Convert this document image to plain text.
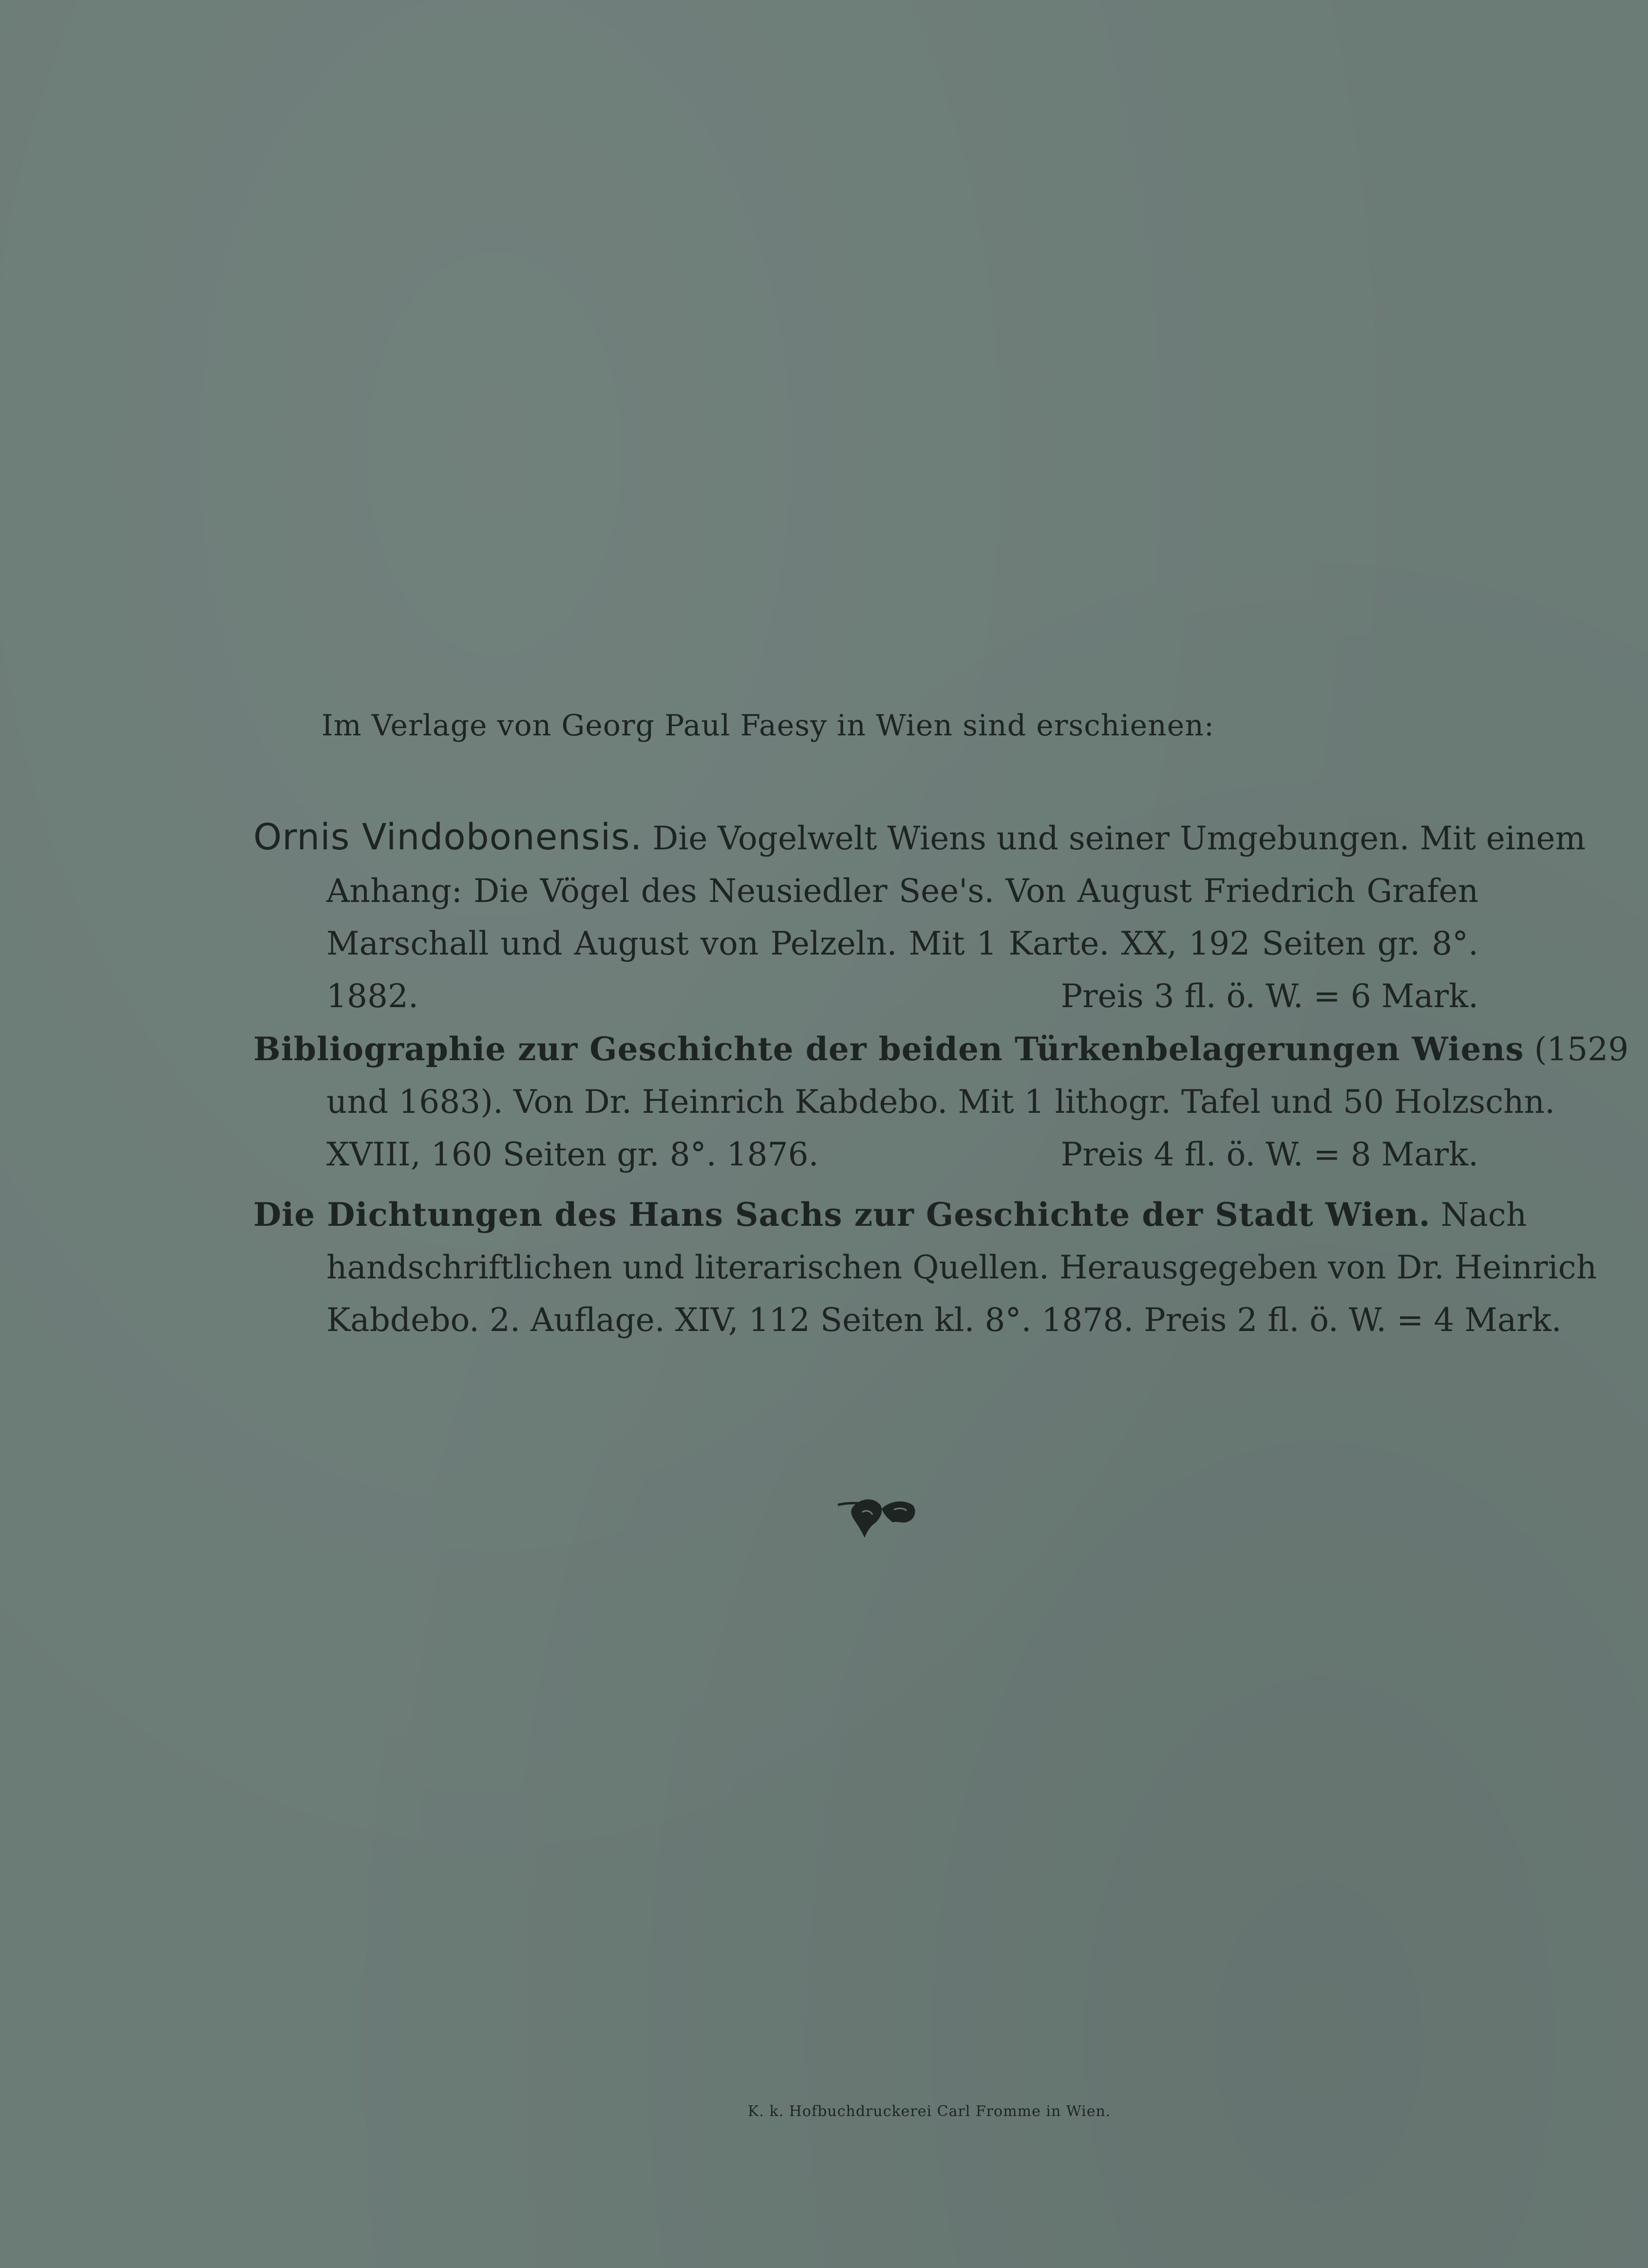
Im Verlage von Georg Paul Faesy in Wien sind erschienen:
Ornis Vindobonensis. Die Vogelwelt Wiens und seiner Umgebungen. Mit einem
Anhang: Die Vögel des Neusiedler See's. Von August Friedrich Grafen
Marschall und August von Pelzeln. Mit 1 Karte. XX, 192 Seiten gr. 8°.
1882.	Preis 3 fl. ö. W. = 6 Mark.
Bibliographie zur Geschichte der beiden Türkenbelagerungen Wiens (1529
und 1683). Von Dr. Heinrich Kabdebo. Mit 1 lithogr. Tafel und 50 Holzschn.
XVIII, 160 Seiten gr. 8°. 1876.	Preis 4 fl. ö. W. = 8 Mark.
Die Dichtungen des Hans Sachs zur Geschichte der Stadt Wien. Nach
handschriftlichen und literarischen Quellen. Herausgegeben von Dr. Heinrich
Kabdebo. 2. Auflage. XIV, 112 Seiten kl. 8°. 1878. Preis 2 fl. ö. W. = 4 Mark.
K. k. Hofbuchdruckerei Carl Fromme in Wien.
